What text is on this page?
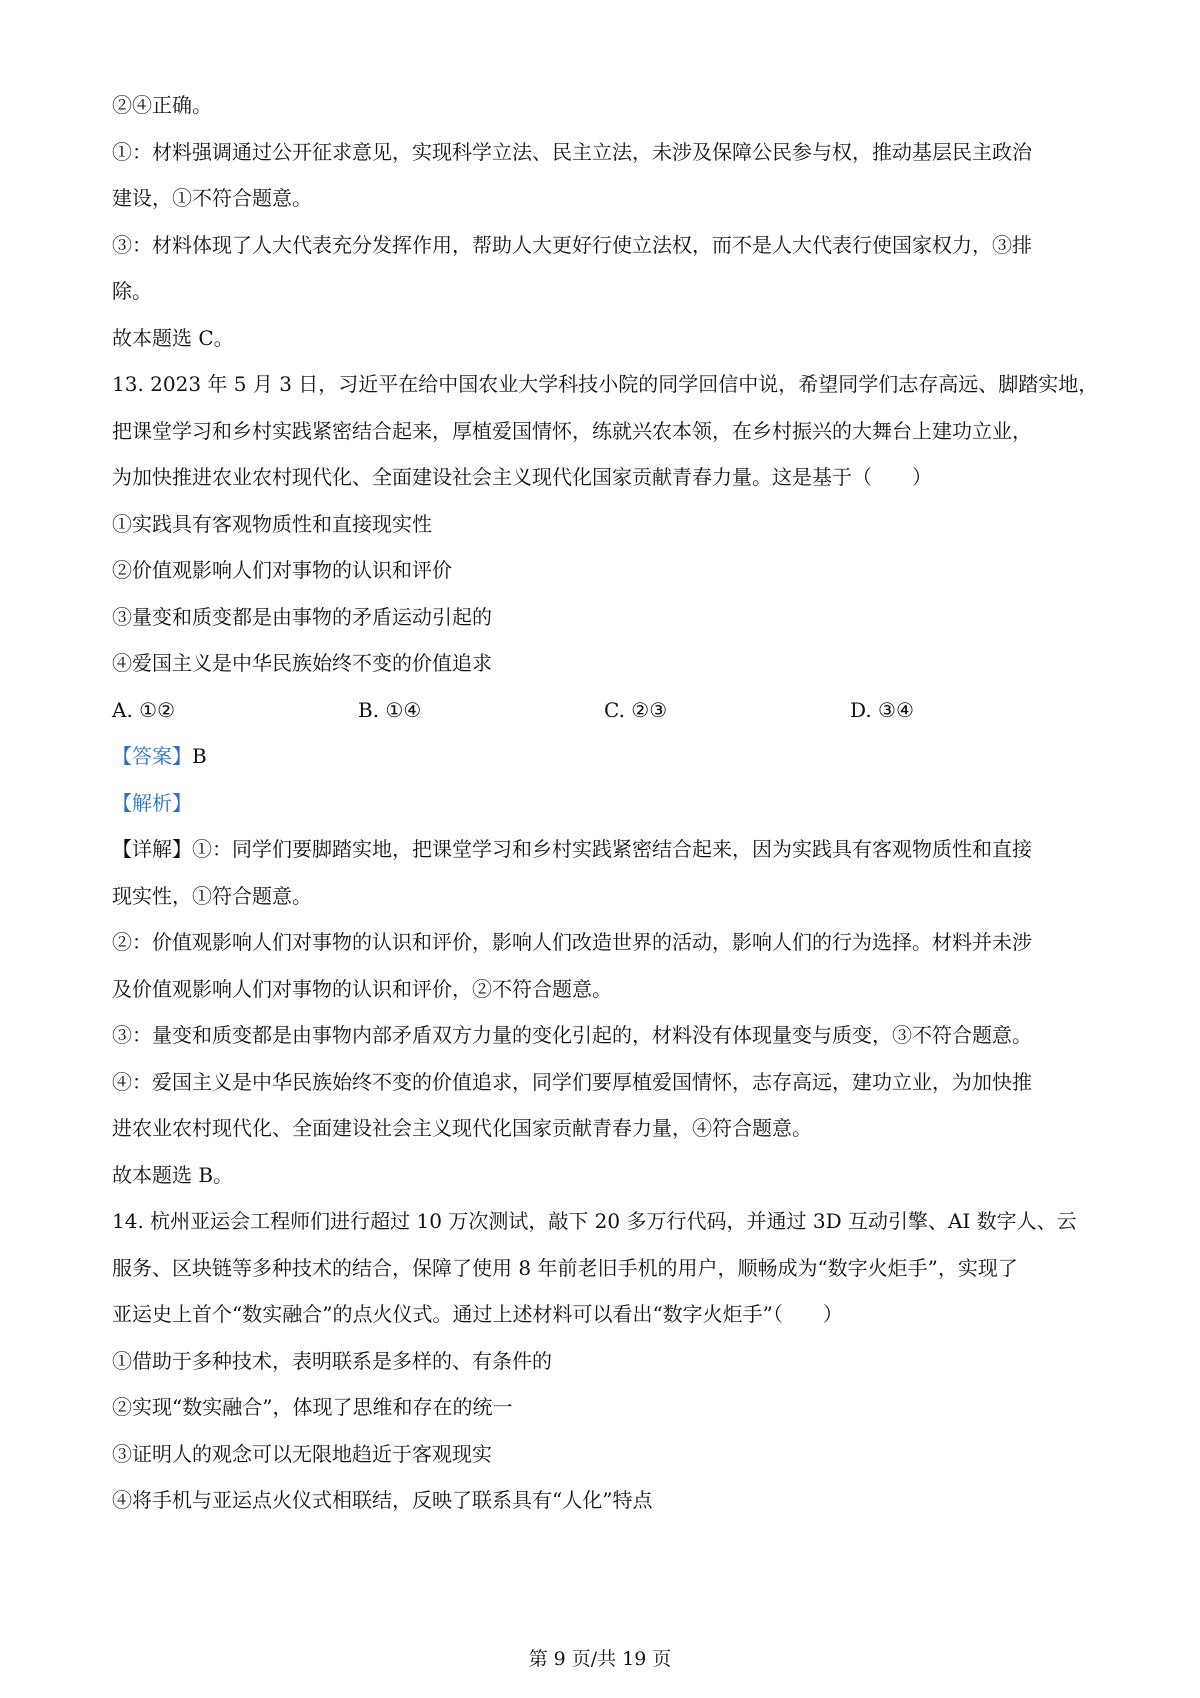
②④正确。
①：材料强调通过公开征求意见，实现科学立法、民主立法，未涉及保障公民参与权，推动基层民主政治
建设，①不符合题意。
③：材料体现了人大代表充分发挥作用，帮助人大更好行使立法权，而不是人大代表行使国家权力，③排
除。
故本题选 C。
13. 2023 年 5 月 3 日，习近平在给中国农业大学科技小院的同学回信中说，希望同学们志存高远、脚踏实地，
把课堂学习和乡村实践紧密结合起来，厚植爱国情怀，练就兴农本领，在乡村振兴的大舞台上建功立业，
为加快推进农业农村现代化、全面建设社会主义现代化国家贡献青春力量。这是基于（　　）
①实践具有客观物质性和直接现实性
②价值观影响人们对事物的认识和评价
③量变和质变都是由事物的矛盾运动引起的
④爱国主义是中华民族始终不变的价值追求
A. ①②	B. ①④	C. ②③	D. ③④
【答案】B
【解析】
【详解】①：同学们要脚踏实地，把课堂学习和乡村实践紧密结合起来，因为实践具有客观物质性和直接
现实性，①符合题意。
②：价值观影响人们对事物的认识和评价，影响人们改造世界的活动，影响人们的行为选择。材料并未涉
及价值观影响人们对事物的认识和评价，②不符合题意。
③：量变和质变都是由事物内部矛盾双方力量的变化引起的，材料没有体现量变与质变，③不符合题意。
④：爱国主义是中华民族始终不变的价值追求，同学们要厚植爱国情怀，志存高远，建功立业，为加快推
进农业农村现代化、全面建设社会主义现代化国家贡献青春力量，④符合题意。
故本题选 B。
14. 杭州亚运会工程师们进行超过 10 万次测试，敲下 20 多万行代码，并通过 3D 互动引擎、AI 数字人、云
服务、区块链等多种技术的结合，保障了使用 8 年前老旧手机的用户，顺畅成为“数字火炬手”，实现了
亚运史上首个“数实融合”的点火仪式。通过上述材料可以看出“数字火炬手”（　　）
①借助于多种技术，表明联系是多样的、有条件的
②实现“数实融合”，体现了思维和存在的统一
③证明人的观念可以无限地趋近于客观现实
④将手机与亚运点火仪式相联结，反映了联系具有“人化”特点
第 9 页/共 19 页
